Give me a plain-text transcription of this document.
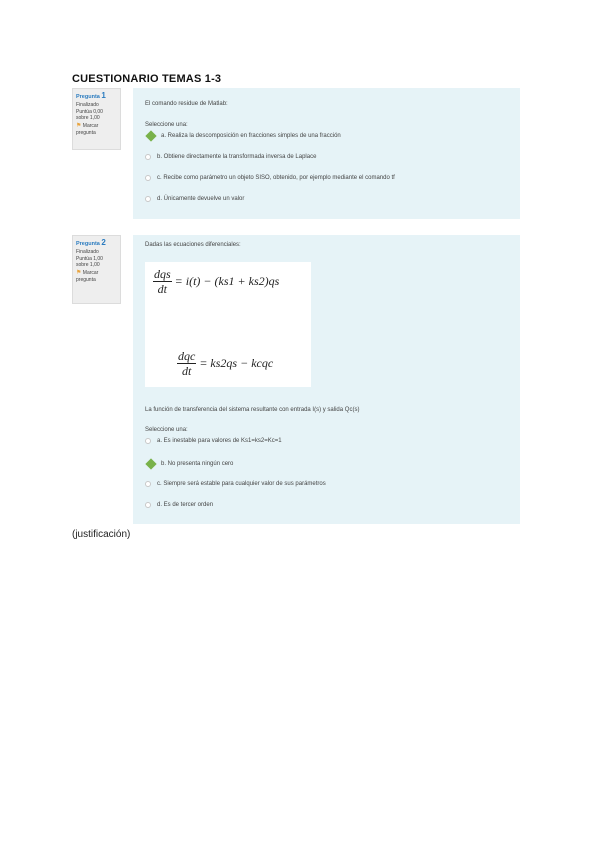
CUESTIONARIO TEMAS 1-3
Pregunta 1
Finalizado
Puntúa 0,00
sobre 1,00
⚑ Marcar
pregunta
El comando residue de Matlab:
Seleccione una:
a. Realiza la descomposición en fracciones simples de una fracción
b. Obtiene directamente la transformada inversa de Laplace
c. Recibe como parámetro un objeto SISO, obtenido, por ejemplo mediante el comando tf
d. Únicamente devuelve un valor
Pregunta 2
Finalizado
Puntúa 1,00
sobre 1,00
⚑ Marcar
pregunta
Dadas las ecuaciones diferenciales:
$\frac{\text{dqs}}{dt} = i(t) - (ks1 + ks2)qs$
$\frac{\text{dqc}}{dt} = ks2qs$ − kcqc
La función de transferencia del sistema resultante con entrada I(s) y salida Qc(s)
Seleccione una:
a. Es inestable para valores de Ks1=ks2=Kc=1
b. No presenta ningún cero
c. Siempre será estable para cualquier valor de sus parámetros
d. Es de tercer orden
(justificación)
